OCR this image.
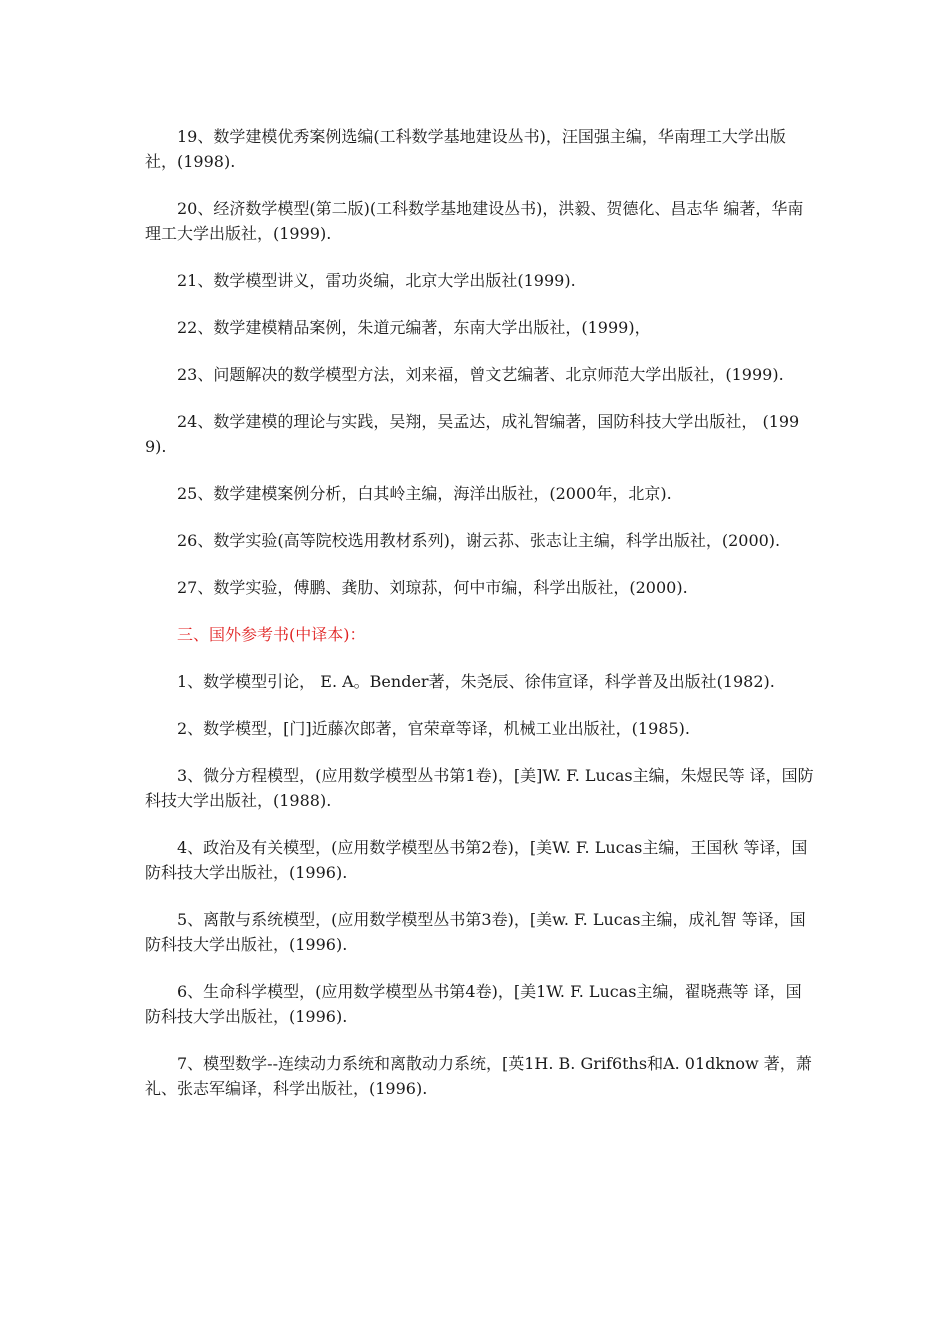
19、数学建模优秀案例选编(工科数学基地建设丛书)，汪国强主编，华南理工大学出版社，(1998).

20、经济数学模型(第二版)(工科数学基地建设丛书)，洪毅、贺德化、昌志华 编著，华南理工大学出版社，(1999).

21、数学模型讲义，雷功炎编，北京大学出版社(1999).

22、数学建模精品案例，朱道元编著，东南大学出版社，(1999)，

23、问题解决的数学模型方法，刘来福，曾文艺编著、北京师范大学出版社，(1999).

24、数学建模的理论与实践，吴翔，吴孟达，成礼智编著，国防科技大学出版社， (1999).

25、数学建模案例分析，白其岭主编，海洋出版社，(2000年，北京).

26、数学实验(高等院校选用教材系列)，谢云荪、张志让主编，科学出版社，(2000).

27、数学实验，傅鹏、龚肋、刘琼荪，何中市编，科学出版社，(2000).

三、国外参考书(中译本)：

1、数学模型引论， E. A。Bender著，朱尧辰、徐伟宣译，科学普及出版社(1982).

2、数学模型，[门]近藤次郎著，官荣章等译，机械工业出版社，(1985).

3、微分方程模型，(应用数学模型丛书第1卷)，[美]W. F. Lucas主编，朱煜民等 译，国防科技大学出版社，(1988).

4、政治及有关模型，(应用数学模型丛书第2卷)，[美W. F. Lucas主编，王国秋 等译，国防科技大学出版社，(1996).

5、离散与系统模型，(应用数学模型丛书第3卷)，[美w. F. Lucas主编，成礼智 等译，国防科技大学出版社，(1996).

6、生命科学模型，(应用数学模型丛书第4卷)，[美1W. F. Lucas主编，翟晓燕等 译，国防科技大学出版社，(1996).

7、模型数学--连续动力系统和离散动力系统，[英1H. B. Grif6ths和A. 01dknow 著，萧礼、张志军编译，科学出版社，(1996).
